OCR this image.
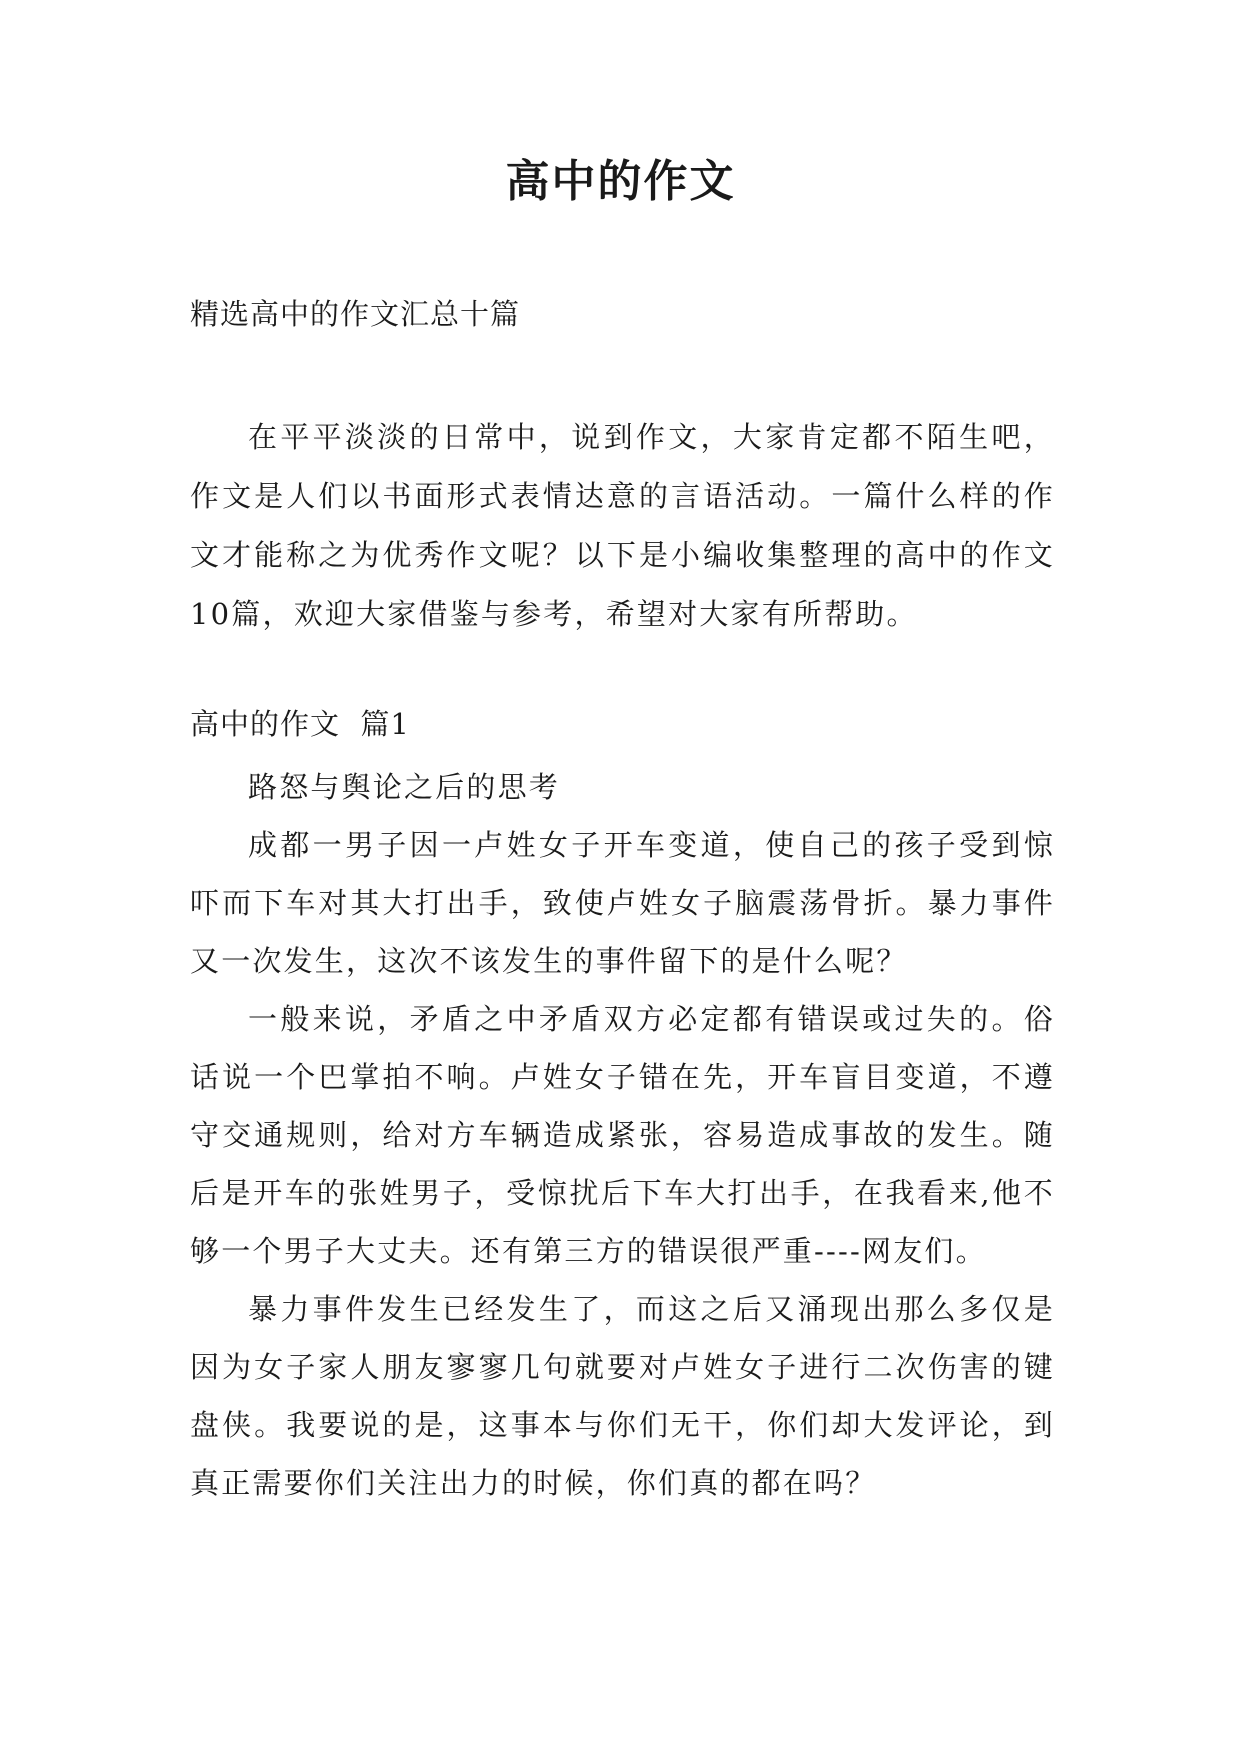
高中的作文
精选高中的作文汇总十篇

在平平淡淡的日常中，说到作文，大家肯定都不陌生吧，作文是人们以书面形式表情达意的言语活动。一篇什么样的作文才能称之为优秀作文呢？以下是小编收集整理的高中的作文10篇，欢迎大家借鉴与参考，希望对大家有所帮助。

高中的作文  篇1

路怒与舆论之后的思考

成都一男子因一卢姓女子开车变道，使自己的孩子受到惊吓而下车对其大打出手，致使卢姓女子脑震荡骨折。暴力事件又一次发生，这次不该发生的事件留下的是什么呢？

一般来说，矛盾之中矛盾双方必定都有错误或过失的。俗话说一个巴掌拍不响。卢姓女子错在先，开车盲目变道，不遵守交通规则，给对方车辆造成紧张，容易造成事故的发生。随后是开车的张姓男子，受惊扰后下车大打出手，在我看来,他不够一个男子大丈夫。还有第三方的错误很严重----网友们。

暴力事件发生已经发生了，而这之后又涌现出那么多仅是因为女子家人朋友寥寥几句就要对卢姓女子进行二次伤害的键盘侠。我要说的是，这事本与你们无干，你们却大发评论，到真正需要你们关注出力的时候，你们真的都在吗？
